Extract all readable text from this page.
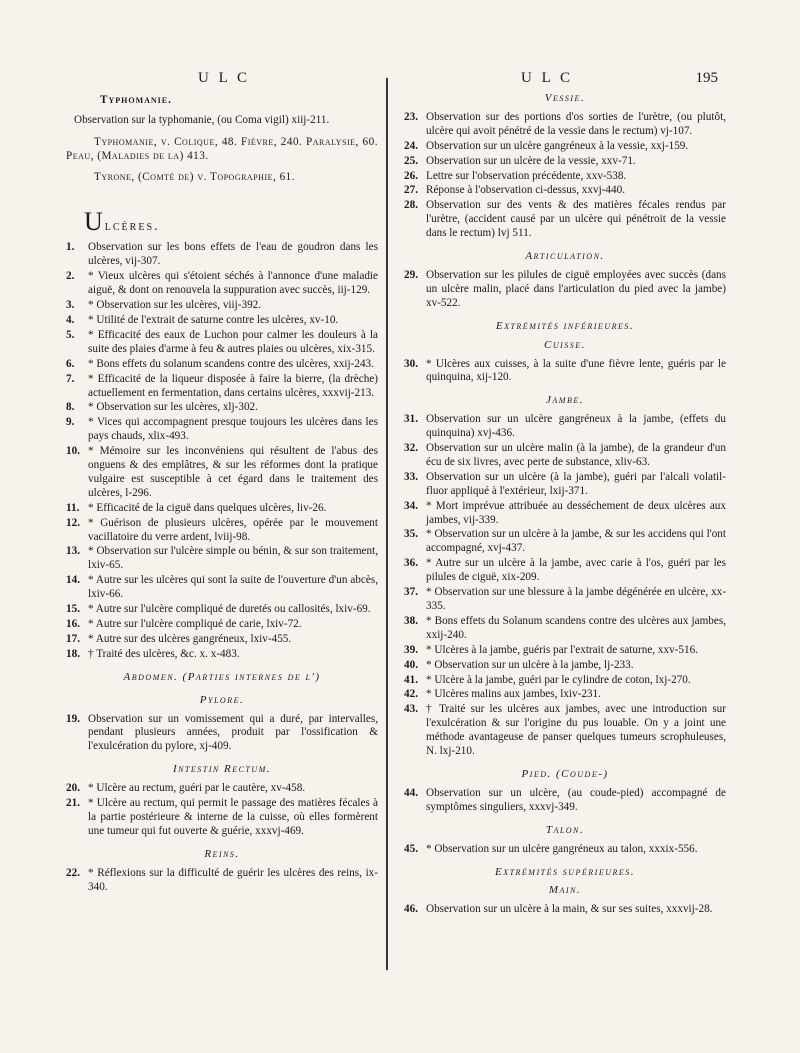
U L C	U L C	195
Typhomanie.

Observation sur la typhomanie, (ou Coma vigil) xiij-211.

Typhomanie, v. Colique, 48. Fièvre, 240. Paralysie, 60. Peau, (Maladies de la) 413.

Tyrone, (Comté de) v. Topographie, 61.

Ulcères.
1. Observation sur les bons effets de l'eau de goudron dans les ulcères, vij-307.
2. * Vieux ulcères qui s'étoient séchés à l'annonce d'une maladie aiguë, & dont on renouvela la suppuration avec succès, iij-129.
3. * Observation sur les ulcères, viij-392.
4. * Utilité de l'extrait de saturne contre les ulcères, xv-10.
5. * Efficacité des eaux de Luchon pour calmer les douleurs à la suite des plaies d'arme à feu & autres plaies ou ulcères, xix-315.
6. * Bons effets du solanum scandens contre des ulcères, xxij-243.
7. * Efficacité de la liqueur disposée à faire la bierre, (la drèche) actuellement en fermentation, dans certains ulcères, xxxvij-213.
8. * Observation sur les ulcères, xlj-302.
9. * Vices qui accompagnent presque toujours les ulcères dans les pays chauds, xlix-493.
10. * Mémoire sur les inconvéniens qui résultent de l'abus des onguens & des emplâtres, & sur les réformes dont la pratique vulgaire est susceptible à cet égard dans le traitement des ulcères, l-296.
11. * Efficacité de la ciguë dans quelques ulcères, liv-26.
12. * Guérison de plusieurs ulcères, opérée par le mouvement vacillatoire du verre ardent, lviij-98.
13. * Observation sur l'ulcère simple ou bénin, & sur son traitement, lxiv-65.
14. * Autre sur les ulcères qui sont la suite de l'ouverture d'un abcès, lxiv-66.
15. * Autre sur l'ulcère compliqué de duretés ou callosités, lxiv-69.
16. * Autre sur l'ulcère compliqué de carie, lxiv-72.
17. * Autre sur des ulcères gangréneux, lxiv-455.
18. † Traité des ulcères, &c. x. x-483.
Abdomen. (Parties internes de l')
Pylore.
19. Observation sur un vomissement qui a duré, par intervalles, pendant plusieurs années, produit par l'ossification & l'exulcération du pylore, xj-409.
Intestin Rectum.
20. * Ulcère au rectum, guéri par le cautère, xv-458.
21. * Ulcère au rectum, qui permit le passage des matières fécales à la partie postérieure & interne de la cuisse, où elles formèrent une tumeur qui fut ouverte & guérie, xxxvj-469.
Reins.
22. * Réflexions sur la difficulté de guérir les ulcères des reins, ix-340.
Vessie.
23. Observation sur des portions d'os sorties de l'urètre, (ou plutôt, ulcère qui avoit pénétré de la vessie dans le rectum) vj-107.
24. Observation sur un ulcère gangréneux à la vessie, xxj-159.
25. Observation sur un ulcère de la vessie, xxv-71.
26. Lettre sur l'observation précédente, xxv-538.
27. Réponse à l'observation ci-dessus, xxvj-440.
28. Observation sur des vents & des matières fécales rendus par l'urètre, (accident causé par un ulcère qui pénétroit de la vessie dans le rectum) lvj 511.
Articulation.
29. Observation sur les pilules de ciguë employées avec succès (dans un ulcère malin, placé dans l'articulation du pied avec la jambe) xv-522.
Extrémités inférieures.
Cuisse.
30. * Ulcères aux cuisses, à la suite d'une fièvre lente, guéris par le quinquina, xij-120.
Jambe.
31. Observation sur un ulcère gangréneux à la jambe, (effets du quinquina) xvj-436.
32. Observation sur un ulcère malin (à la jambe), de la grandeur d'un écu de six livres, avec perte de substance, xliv-63.
33. Observation sur un ulcère (à la jambe), guéri par l'alcali volatil-fluor appliqué à l'extérieur, lxij-371.
34. * Mort imprévue attribuée au desséchement de deux ulcères aux jambes, vij-339.
35. * Observation sur un ulcère à la jambe, & sur les accidens qui l'ont accompagné, xvj-437.
36. * Autre sur un ulcère à la jambe, avec carie à l'os, guéri par les pilules de ciguë, xix-209.
37. * Observation sur une blessure à la jambe dégénérée en ulcère, xx-335.
38. * Bons effets du Solanum scandens contre des ulcères aux jambes, xxij-240.
39. * Ulcères à la jambe, guéris par l'extrait de saturne, xxv-516.
40. * Observation sur un ulcère à la jambe, lj-233.
41. * Ulcère à la jambe, guéri par le cylindre de coton, lxj-270.
42. * Ulcères malins aux jambes, lxiv-231.
43. † Traité sur les ulcères aux jambes, avec une introduction sur l'exulcération & sur l'origine du pus louable. On y a joint une méthode avantageuse de panser quelques tumeurs scrophuleuses, N. lxj-210.
Pied. (Coude-)
44. Observation sur un ulcère, (au coude-pied) accompagné de symptômes singuliers, xxxvj-349.
Talon.
45. * Observation sur un ulcère gangréneux au talon, xxxix-556.
Extrémités supérieures.
Main.
46. Observation sur un ulcère à la main, & sur ses suites, xxxvij-28.
